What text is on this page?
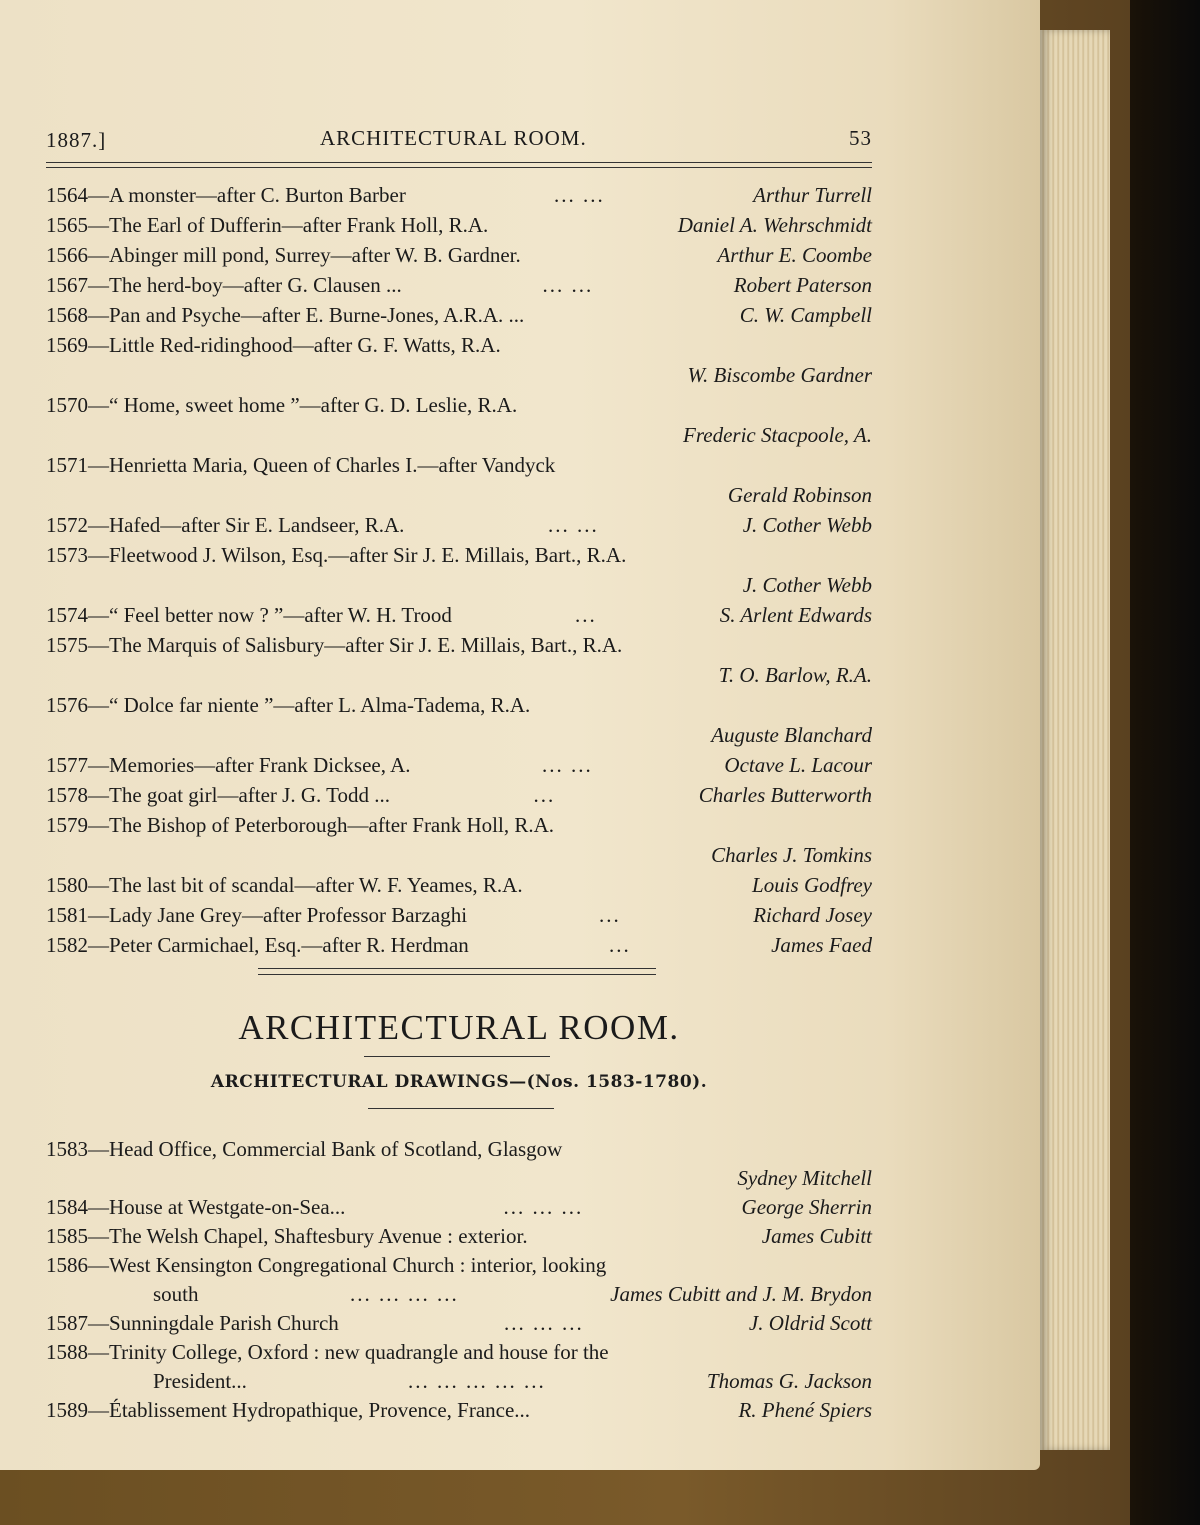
1887.]	ARCHITECTURAL ROOM.	53
1564—A monster—after C. Burton Barber	... ...	Arthur Turrell
1565—The Earl of Dufferin—after Frank Holl, R.A.	Daniel A. Wehrschmidt
1566—Abinger mill pond, Surrey—after W. B. Gardner.	Arthur E. Coombe
1567—The herd-boy—after G. Clausen ...	... ...	Robert Paterson
1568—Pan and Psyche—after E. Burne-Jones, A.R.A. ...	C. W. Campbell
1569—Little Red-ridinghood—after G. F. Watts, R.A.
W. Biscombe Gardner
1570—“ Home, sweet home ”—after G. D. Leslie, R.A.
Frederic Stacpoole, A.
1571—Henrietta Maria, Queen of Charles I.—after Vandyck
Gerald Robinson
1572—Hafed—after Sir E. Landseer, R.A.	... ...	J. Cother Webb
1573—Fleetwood J. Wilson, Esq.—after Sir J. E. Millais, Bart., R.A.
J. Cother Webb
1574—“ Feel better now ? ”—after W. H. Trood	...	S. Arlent Edwards
1575—The Marquis of Salisbury—after Sir J. E. Millais, Bart., R.A.
T. O. Barlow, R.A.
1576—“ Dolce far niente ”—after L. Alma-Tadema, R.A.
Auguste Blanchard
1577—Memories—after Frank Dicksee, A.	... ...	Octave L. Lacour
1578—The goat girl—after J. G. Todd ...	...	Charles Butterworth
1579—The Bishop of Peterborough—after Frank Holl, R.A.
Charles J. Tomkins
1580—The last bit of scandal—after W. F. Yeames, R.A.	Louis Godfrey
1581—Lady Jane Grey—after Professor Barzaghi	...	Richard Josey
1582—Peter Carmichael, Esq.—after R. Herdman	...	James Faed
ARCHITECTURAL ROOM.
ARCHITECTURAL DRAWINGS—(Nos. 1583-1780).
1583—Head Office, Commercial Bank of Scotland, Glasgow
Sydney Mitchell
1584—House at Westgate-on-Sea...	... ... ...	George Sherrin
1585—The Welsh Chapel, Shaftesbury Avenue : exterior.	James Cubitt
1586—West Kensington Congregational Church : interior, looking
south	... ... ... ...	James Cubitt and J. M. Brydon
1587—Sunningdale Parish Church	... ... ...	J. Oldrid Scott
1588—Trinity College, Oxford : new quadrangle and house for the
President...	... ... ... ... ...	Thomas G. Jackson
1589—Établissement Hydropathique, Provence, France...	R. Phené Spiers
